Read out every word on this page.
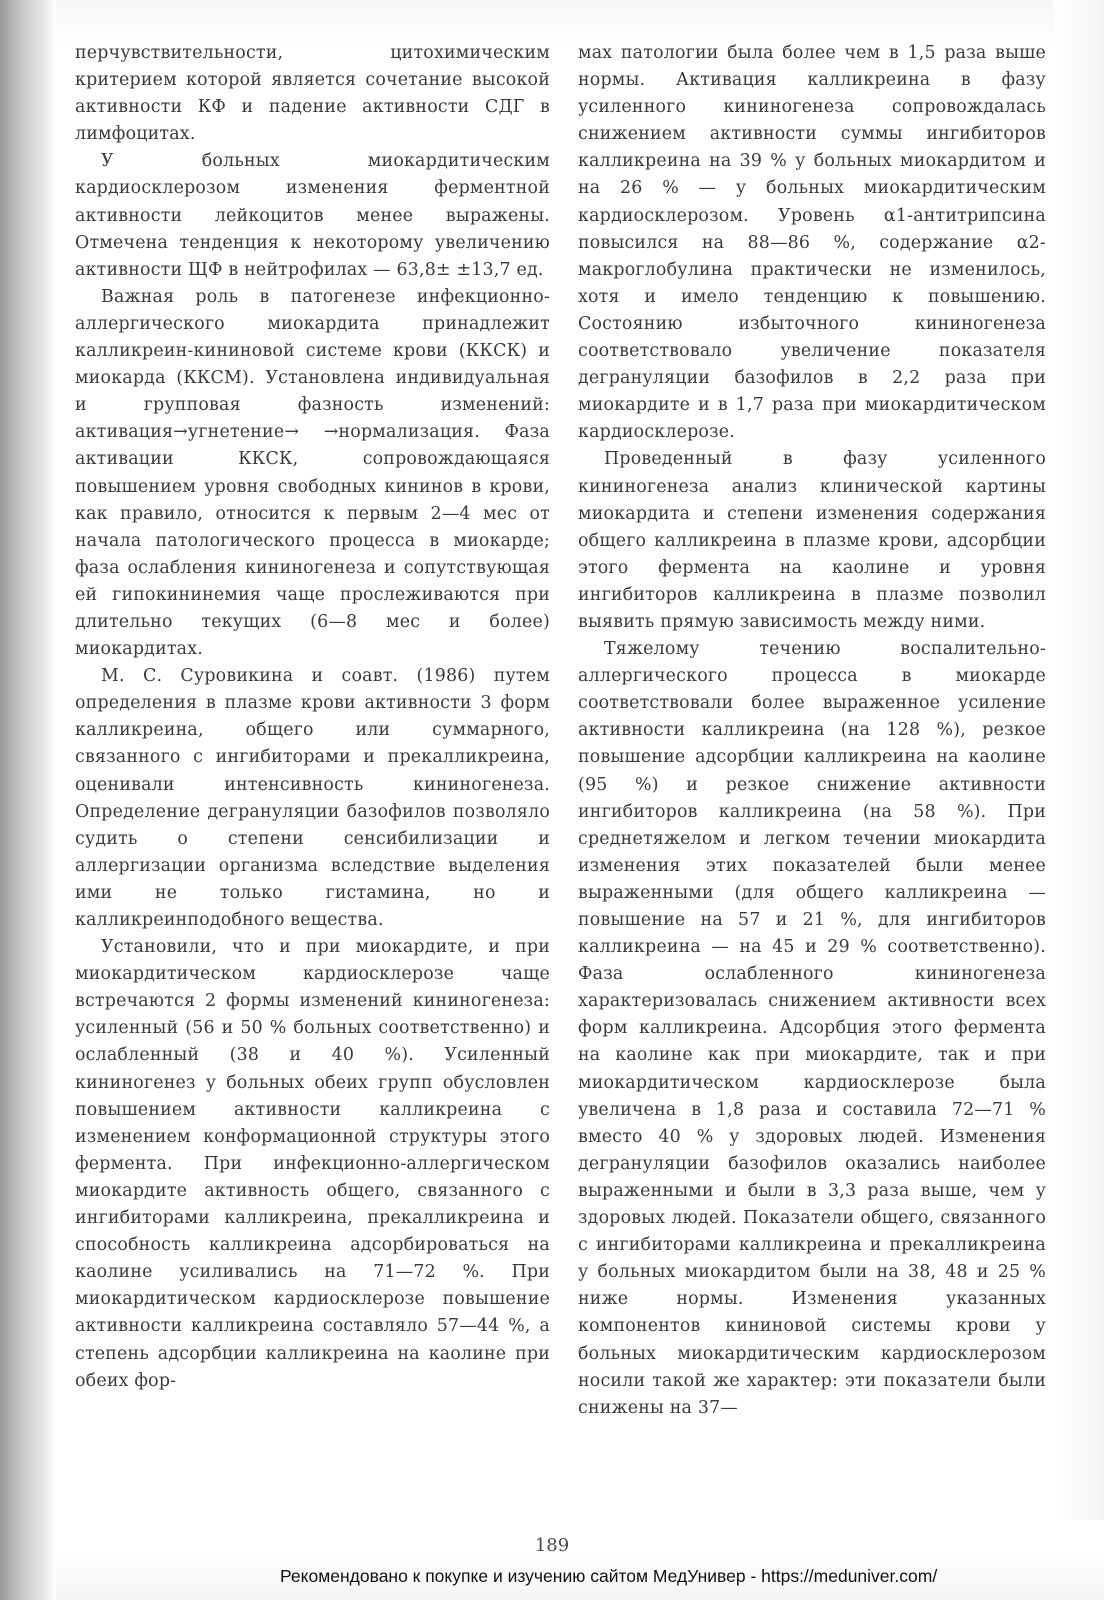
перчувствительности, цитохимическим критерием которой является сочетание высокой активности КФ и падение активности СДГ в лимфоцитах.

У больных миокардитическим кардиосклерозом изменения ферментной активности лейкоцитов менее выражены. Отмечена тенденция к некоторому увеличению активности ЩФ в нейтрофилах — 63,8± ±13,7 ед.

Важная роль в патогенезе инфекционно-аллергического миокардита принадлежит калликреин-кининовой системе крови (ККСК) и миокарда (ККСМ). Установлена индивидуальная и групповая фазность изменений: активация→угнетение→ →нормализация. Фаза активации ККСК, сопровождающаяся повышением уровня свободных кининов в крови, как правило, относится к первым 2—4 мес от начала патологического процесса в миокарде; фаза ослабления кининогенеза и сопутствующая ей гипокининемия чаще прослеживаются при длительно текущих (6—8 мес и более) миокардитах.

М. С. Суровикина и соавт. (1986) путем определения в плазме крови активности 3 форм калликреина, общего или суммарного, связанного с ингибиторами и прекалликреина, оценивали интенсивность кининогенеза. Определение дегрануляции базофилов позволяло судить о степени сенсибилизации и аллергизации организма вследствие выделения ими не только гистамина, но и калликреинподобного вещества.

Установили, что и при миокардите, и при миокардитическом кардиосклерозе чаще встречаются 2 формы изменений кининогенеза: усиленный (56 и 50 % больных соответственно) и ослабленный (38 и 40 %). Усиленный кининогенез у больных обеих групп обусловлен повышением активности калликреина с изменением конформационной структуры этого фермента. При инфекционно-аллергическом миокардите активность общего, связанного с ингибиторами калликреина, прекалликреина и способность калликреина адсорбироваться на каолине усиливались на 71—72 %. При миокардитическом кардиосклерозе повышение активности калликреина составляло 57—44 %, а степень адсорбции калликреина на каолине при обеих фор-

мах патологии была более чем в 1,5 раза выше нормы. Активация калликреина в фазу усиленного кининогенеза сопровождалась снижением активности суммы ингибиторов калликреина на 39 % у больных миокардитом и на 26 % — у больных миокардитическим кардиосклерозом. Уровень α1-антитрипсина повысился на 88—86 %, содержание α2-макроглобулина практически не изменилось, хотя и имело тенденцию к повышению. Состоянию избыточного кининогенеза соответствовало увеличение показателя дегрануляции базофилов в 2,2 раза при миокардите и в 1,7 раза при миокардитическом кардиосклерозе.

Проведенный в фазу усиленного кининогенеза анализ клинической картины миокардита и степени изменения содержания общего калликреина в плазме крови, адсорбции этого фермента на каолине и уровня ингибиторов калликреина в плазме позволил выявить прямую зависимость между ними.

Тяжелому течению воспалительно-аллергического процесса в миокарде соответствовали более выраженное усиление активности калликреина (на 128 %), резкое повышение адсорбции калликреина на каолине (95 %) и резкое снижение активности ингибиторов калликреина (на 58 %). При среднетяжелом и легком течении миокардита изменения этих показателей были менее выраженными (для общего калликреина — повышение на 57 и 21 %, для ингибиторов калликреина — на 45 и 29 % соответственно). Фаза ослабленного кининогенеза характеризовалась снижением активности всех форм калликреина. Адсорбция этого фермента на каолине как при миокардите, так и при миокардитическом кардиосклерозе была увеличена в 1,8 раза и составила 72—71 % вместо 40 % у здоровых людей. Изменения дегрануляции базофилов оказались наиболее выраженными и были в 3,3 раза выше, чем у здоровых людей. Показатели общего, связанного с ингибиторами калликреина и прекалликреина у больных миокардитом были на 38, 48 и 25 % ниже нормы. Изменения указанных компонентов кининовой системы крови у больных миокардитическим кардиосклерозом носили такой же характер: эти показатели были снижены на 37—

189
Рекомендовано к покупке и изучению сайтом МедУнивер - https://meduniver.com/
